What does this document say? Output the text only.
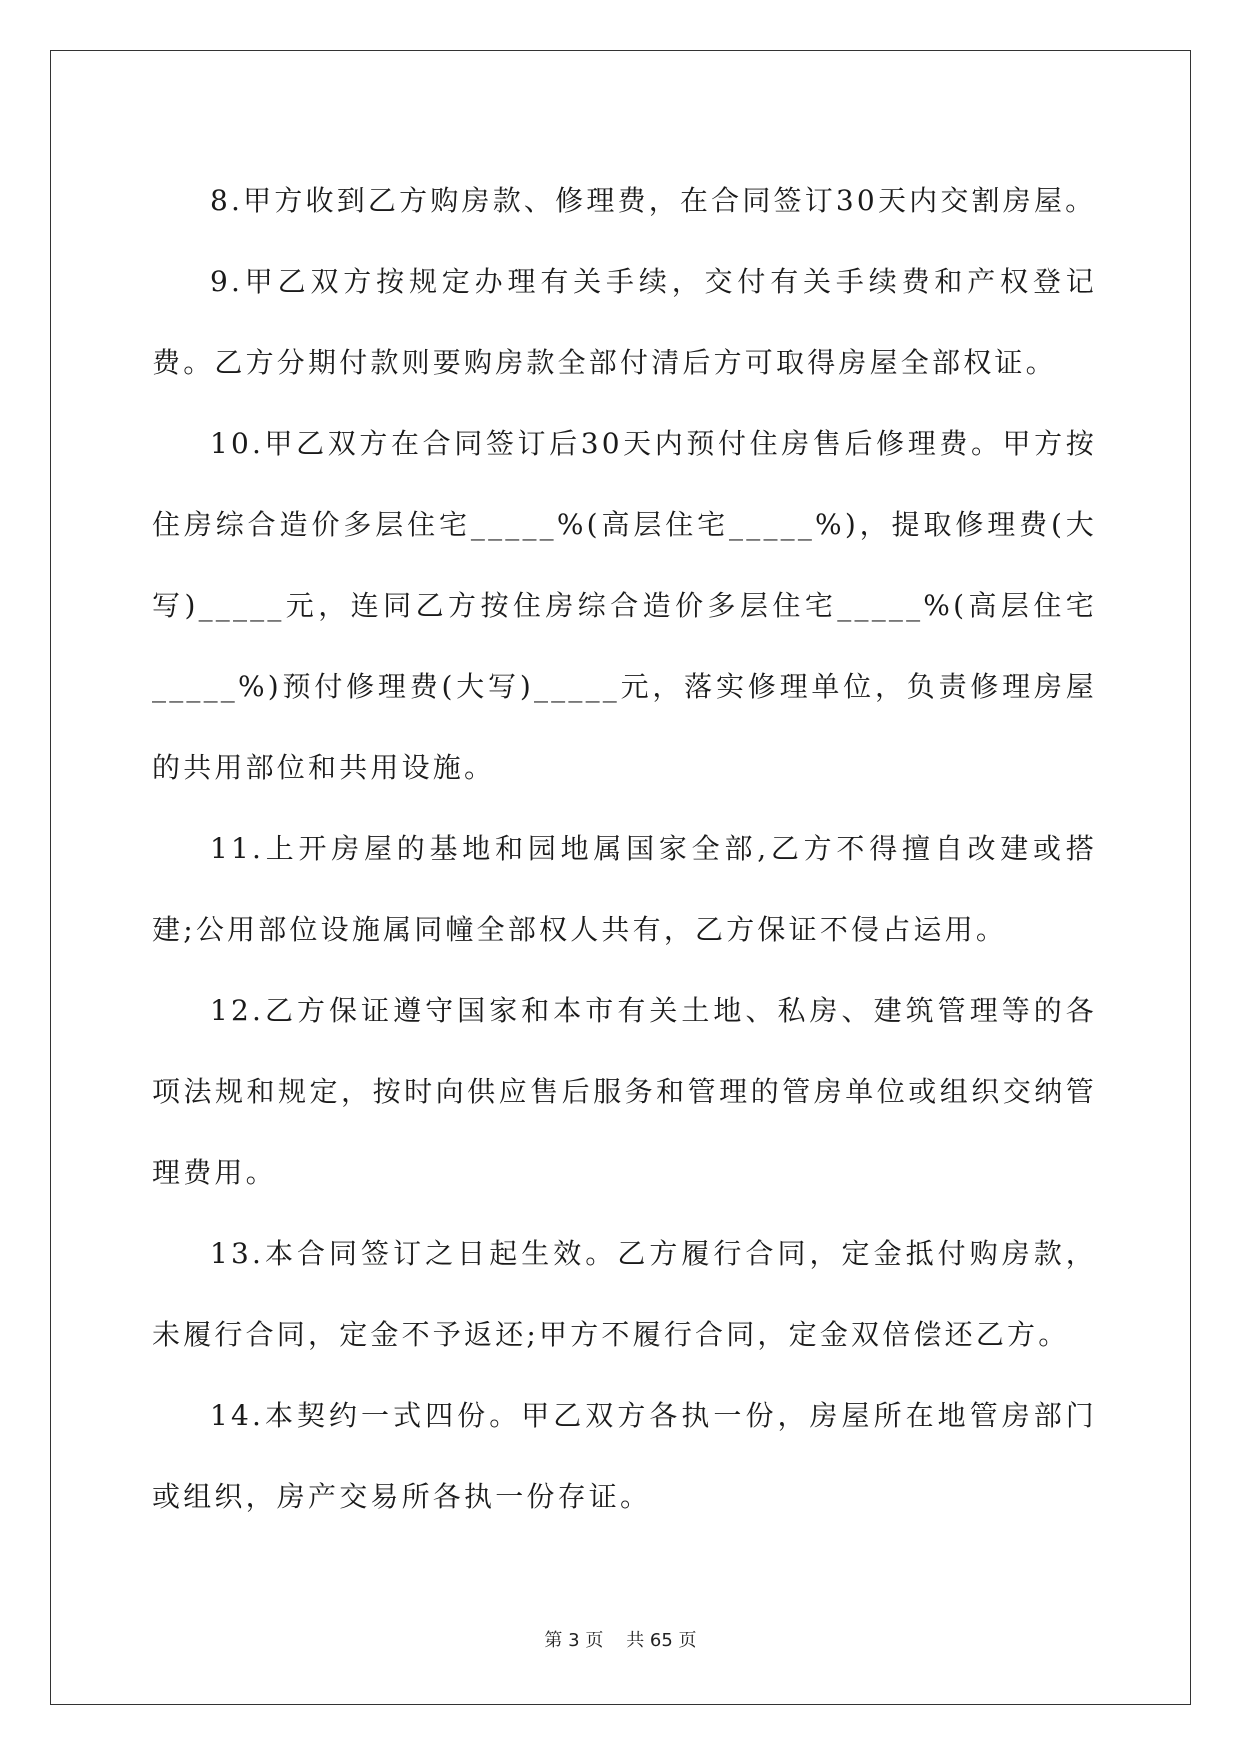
8.甲方收到乙方购房款、修理费，在合同签订30天内交割房屋。

9.甲乙双方按规定办理有关手续，交付有关手续费和产权登记费。乙方分期付款则要购房款全部付清后方可取得房屋全部权证。

10.甲乙双方在合同签订后30天内预付住房售后修理费。甲方按住房综合造价多层住宅_____%(高层住宅_____%)，提取修理费(大写)_____元，连同乙方按住房综合造价多层住宅_____%(高层住宅_____%)预付修理费(大写)_____元，落实修理单位，负责修理房屋的共用部位和共用设施。

11.上开房屋的基地和园地属国家全部,乙方不得擅自改建或搭建;公用部位设施属同幢全部权人共有，乙方保证不侵占运用。

12.乙方保证遵守国家和本市有关土地、私房、建筑管理等的各项法规和规定，按时向供应售后服务和管理的管房单位或组织交纳管理费用。

13.本合同签订之日起生效。乙方履行合同，定金抵付购房款，未履行合同，定金不予返还;甲方不履行合同，定金双倍偿还乙方。

14.本契约一式四份。甲乙双方各执一份，房屋所在地管房部门或组织，房产交易所各执一份存证。

第 3 页    共 65 页
